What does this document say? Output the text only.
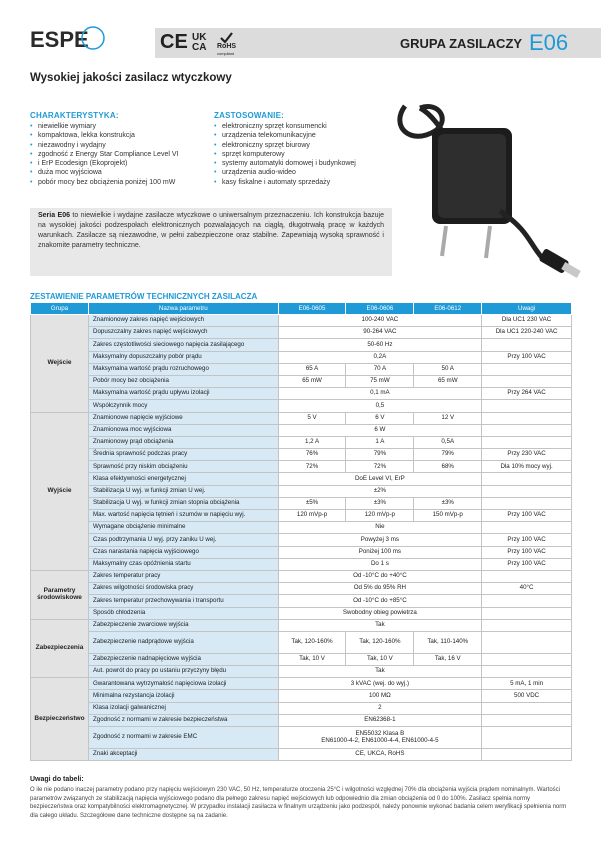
ESPE	CE UK
CA	RoHS
compliant
GRUPA ZASILACZY E06
Wysokiej jakości zasilacz wtyczkowy
CHARAKTERYSTYKA:
• niewielkie wymiary
• kompaktowa, lekka konstrukcja
• niezawodny i wydajny
• zgodność z Energy Star Compliance Level VI
• i ErP Ecodesign (Ekoprojekt)
• duża moc wyjściowa
• pobór mocy bez obciążenia poniżej 100 mW
ZASTOSOWANIE:
• elektroniczny sprzęt konsumencki
• urządzenia telekomunikacyjne
• elektroniczny sprzęt biurowy
• sprzęt komputerowy
• systemy automatyki domowej i budynkowej
• urządzenia audio-wideo
• kasy fiskalne i automaty sprzedaży
Seria E06 to niewielkie i wydajne zasilacze wtyczkowe o uniwersalnym przeznaczeniu. Ich konstrukcja bazuje na wysokiej jakości podzespołach elektronicznych pozwalających na ciągłą, długotrwałą pracę w każdych warunkach. Zasilacze są niezawodne, w pełni zabezpieczone oraz stabilne. Zapewniają wysoką sprawność i znakomite parametry techniczne.
ZESTAWIENIE PARAMETRÓW TECHNICZNYCH ZASILACZA
Grupa	Nazwa parametru	E06-0605	E06-0606	E06-0612	Uwagi
Wejście	Znamionowy zakres napięć wejściowych	100-240 VAC			Dla UC1 230 VAC
	Dopuszczalny zakres napięć wejściowych	90-264 VAC			Dla UC1 220-240 VAC
	Zakres częstotliwości sieciowego napięcia zasilającego	50-60 Hz			
	Maksymalny dopuszczalny pobór prądu	0,2A			Przy 100 VAC
	Maksymalna wartość prądu rozruchowego	65 A	70 A	50 A	
	Pobór mocy bez obciążenia	65 mW	75 mW	65 mW	
	Maksymalna wartość prądu upływu izolacji	0,1 mA			Przy 264 VAC
	Współczynnik mocy	0,5			
Wyjście	Znamionowe napięcie wyjściowe	5 V	6 V	12 V	
	Znamionowa moc wyjściowa	6 W			
	Znamionowy prąd obciążenia	1,2 A	1 A	0,5A	
	Średnia sprawność podczas pracy	76%	79%	79%	Przy 230 VAC
	Sprawność przy niskim obciążeniu	72%	72%	68%	Dla 10% mocy wyj.
	Klasa efektywności energetycznej	DoE Level VI, ErP			
	Stabilizacja U wyj. w funkcji zmian U wej.	±2%			
	Stabilizacja U wyj. w funkcji zmian stopnia obciążenia	±5%	±3%	±3%	
	Max. wartość napięcia tętnień i szumów w napięciu wyj.	120 mVp-p	120 mVp-p	150 mVp-p	Przy 100 VAC
	Wymagane obciążenie minimalne	Nie			
	Czas podtrzymania U wyj. przy zaniku U wej.	Powyżej 3 ms			Przy 100 VAC
	Czas narastania napięcia wyjściowego	Poniżej 100 ms			Przy 100 VAC
	Maksymalny czas opóźnienia startu	Do 1 s			Przy 100 VAC
Parametry środowiskowe	Zakres temperatur pracy	Od -10°C do +40°C			
	Zakres wilgotności środowiska pracy	Od 5% do 95% RH			40°C
	Zakres temperatur przechowywania i transportu	Od -10°C do +85°C			
	Sposób chłodzenia	Swobodny obieg powietrza			
Zabezpieczenia	Zabezpieczenie zwarciowe wyjścia	Tak			
	Zabezpieczenie nadprądowe wyjścia	Tak, 120-160%	Tak, 120-160%	Tak, 110-140%	
	Zabezpieczenie nadnapięciowe wyjścia	Tak, 10 V	Tak, 10 V	Tak, 16 V	
	Aut. powrót do pracy po ustaniu przyczyny błędu	Tak			
Bezpieczeństwo	Gwarantowana wytrzymałość napięciowa izolacji	3 kVAC (wej. do wyj.)			5 mA, 1 min
	Minimalna rezystancja izolacji	100 MΩ			500 VDC
	Klasa izolacji galwanicznej	2			
	Zgodność z normami w zakresie bezpieczeństwa	EN62368-1			
	Zgodność z normami w zakresie EMC	EN55032 Klasa B
EN61000-4-2, EN61000-4-4, EN61000-4-5			

	Znaki akceptacji	CE, UKCA, RoHS			
Uwagi do tabeli:
O ile nie podano inaczej parametry podano przy napięciu wejściowym 230 VAC, 50 Hz, temperaturze otoczenia 25°C i wilgotności względnej 70% dla obciążenia wyjścia prądem nominalnym. Wartości parametrów związanych ze stabilizacją napięcia wyjściowego podano dla pełnego zakresu napięć wejściowych lub odpowiednio dla zmian obciążenia od 0 do 100%. Zasilacz spełnia normy bezpieczeństwa oraz kompatybilności elektromagnetycznej. W przypadku instalacji zasilacza w finalnym urządzeniu jako podzespół, należy ponownie wykonać badania celem weryfikacji spełnienia norm dla całego układu. Szczegółowe dane techniczne dostępne są na zadanie.
